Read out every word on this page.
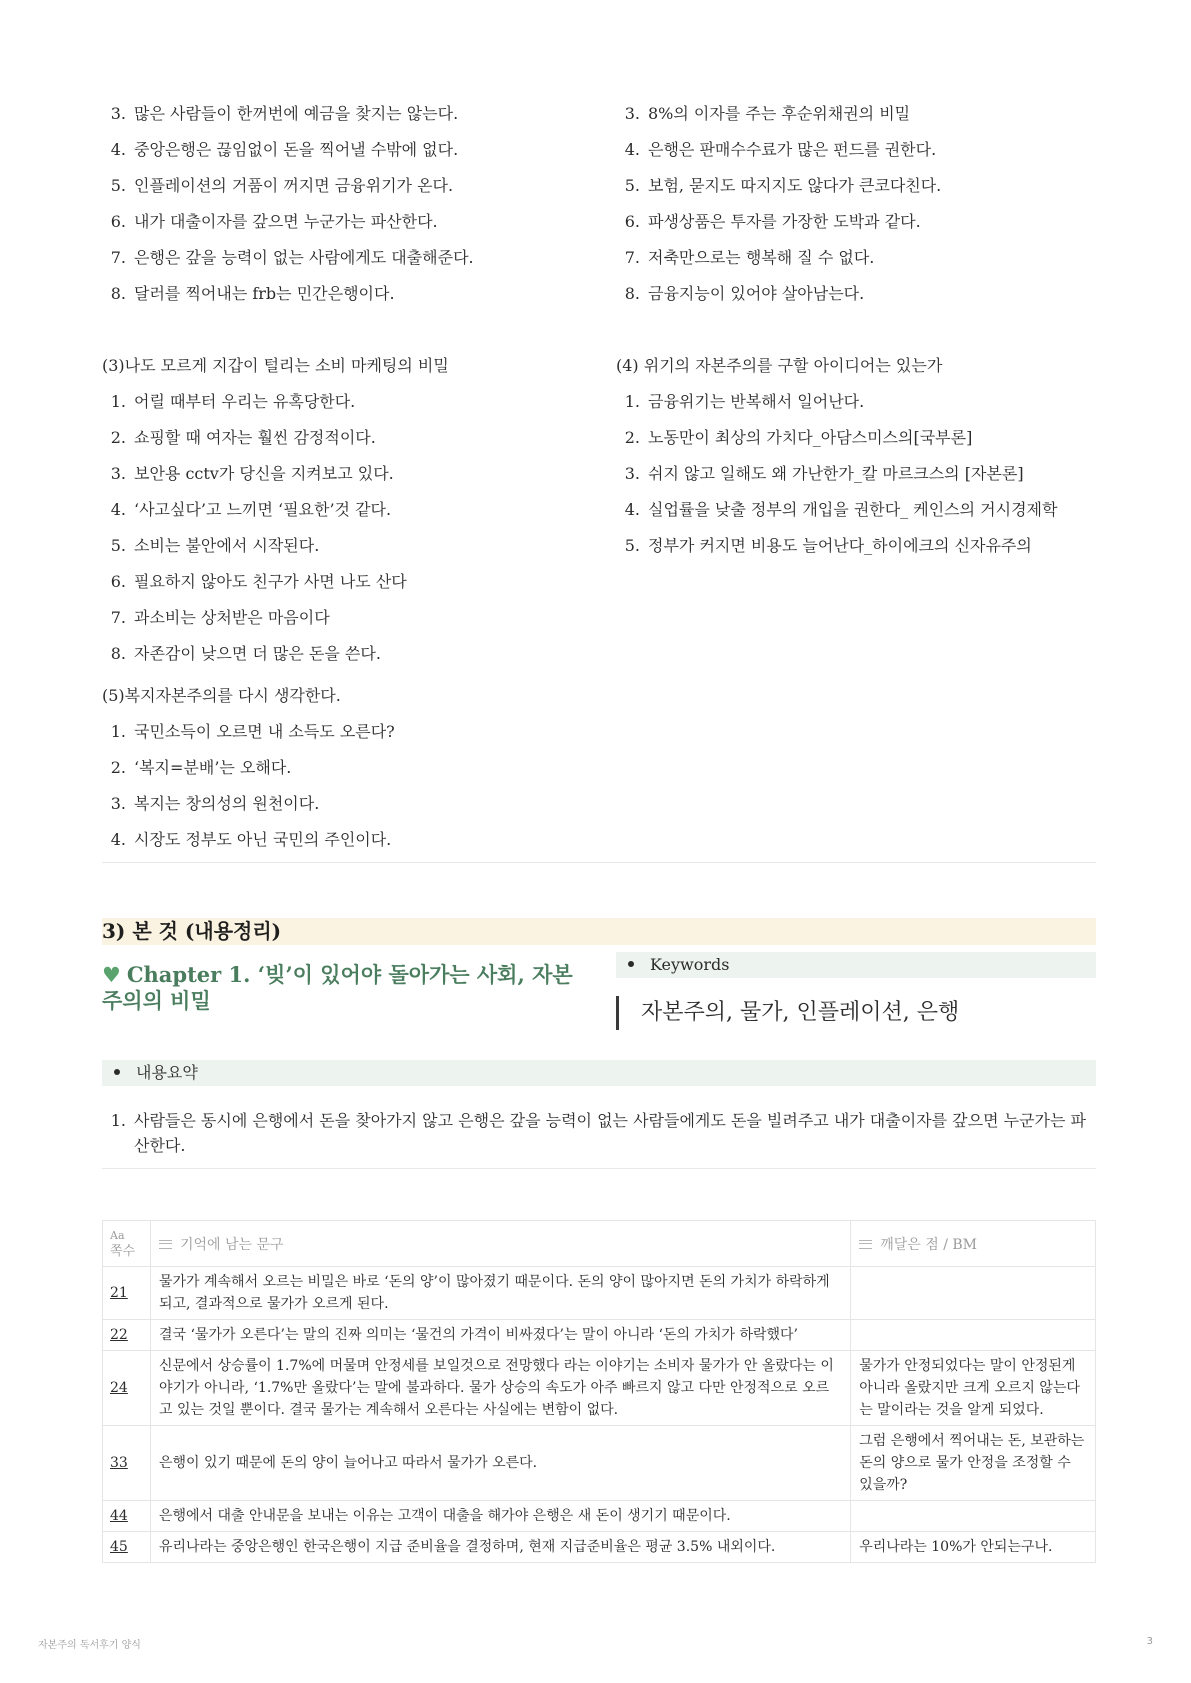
3. 많은 사람들이 한꺼번에 예금을 찾지는 않는다.
4. 중앙은행은 끊임없이 돈을 찍어낼 수밖에 없다.
5. 인플레이션의 거품이 꺼지면 금융위기가 온다.
6. 내가 대출이자를 갚으면 누군가는 파산한다.
7. 은행은 갚을 능력이 없는 사람에게도 대출해준다.
8. 달러를 찍어내는 frb는 민간은행이다.
3. 8%의 이자를 주는 후순위채권의 비밀
4. 은행은 판매수수료가 많은 펀드를 권한다.
5. 보험, 묻지도 따지지도 않다가 큰코다친다.
6. 파생상품은 투자를 가장한 도박과 같다.
7. 저축만으로는 행복해 질 수 없다.
8. 금융지능이 있어야 살아남는다.
(3)나도 모르게 지갑이 털리는 소비 마케팅의 비밀
1. 어릴 때부터 우리는 유혹당한다.
2. 쇼핑할 때 여자는 훨씬 감정적이다.
3. 보안용 cctv가 당신을 지켜보고 있다.
4. ‘사고싶다’고 느끼면 ‘필요한’것 같다.
5. 소비는 불안에서 시작된다.
6. 필요하지 않아도 친구가 사면 나도 산다
7. 과소비는 상처받은 마음이다
8. 자존감이 낮으면 더 많은 돈을 쓴다.
(4) 위기의 자본주의를 구할 아이디어는 있는가
1. 금융위기는 반복해서 일어난다.
2. 노동만이 최상의 가치다_아담스미스의[국부론]
3. 쉬지 않고 일해도 왜 가난한가_칼 마르크스의 [자본론]
4. 실업률을 낮출 정부의 개입을 권한다_ 케인스의 거시경제학
5. 정부가 커지면 비용도 늘어난다_하이에크의 신자유주의
(5)복지자본주의를 다시 생각한다.
1. 국민소득이 오르면 내 소득도 오른다?
2. ‘복지=분배’는 오해다.
3. 복지는 창의성의 원천이다.
4. 시장도 정부도 아닌 국민의 주인이다.
3) 본 것 (내용정리)
♥ Chapter 1. ‘빚’이 있어야 돌아가는 사회, 자본주의의 비밀
Keywords
자본주의, 물가, 인플레이션, 은행
내용요약
1. 사람들은 동시에 은행에서 돈을 찾아가지 않고 은행은 갚을 능력이 없는 사람들에게도 돈을 빌려주고 내가 대출이자를 갚으면 누군가는 파산한다.
Aa
쪽수	기억에 남는 문구	깨달은 점 / BM
21	물가가 계속해서 오르는 비밀은 바로 ‘돈의 양’이 많아졌기 때문이다. 돈의 양이 많아지면 돈의 가치가 하락하게 되고, 결과적으로 물가가 오르게 된다.	
22	결국 ‘물가가 오른다’는 말의 진짜 의미는 ‘물건의 가격이 비싸졌다’는 말이 아니라 ‘돈의 가치가 하락했다’	
24	신문에서 상승률이 1.7%에 머물며 안정세를 보일것으로 전망했다 라는 이야기는 소비자 물가가 안 올랐다는 이야기가 아니라, ‘1.7%만 올랐다’는 말에 불과하다. 물가 상승의 속도가 아주 빠르지 않고 다만 안정적으로 오르고 있는 것일 뿐이다. 결국 물가는 계속해서 오른다는 사실에는 변함이 없다.	물가가 안정되었다는 말이 안정된게 아니라 올랐지만 크게 오르지 않는다는 말이라는 것을 알게 되었다.
33	은행이 있기 때문에 돈의 양이 늘어나고 따라서 물가가 오른다.	그럼 은행에서 찍어내는 돈, 보관하는 돈의 양으로 물가 안정을 조정할 수 있을까?
44	은행에서 대출 안내문을 보내는 이유는 고객이 대출을 해가야 은행은 새 돈이 생기기 때문이다.	
45	유리나라는 중앙은행인 한국은행이 지급 준비율을 결정하며, 현재 지급준비율은 평균 3.5% 내외이다.	우리나라는 10%가 안되는구나.
자본주의 독서후기 양식	3
